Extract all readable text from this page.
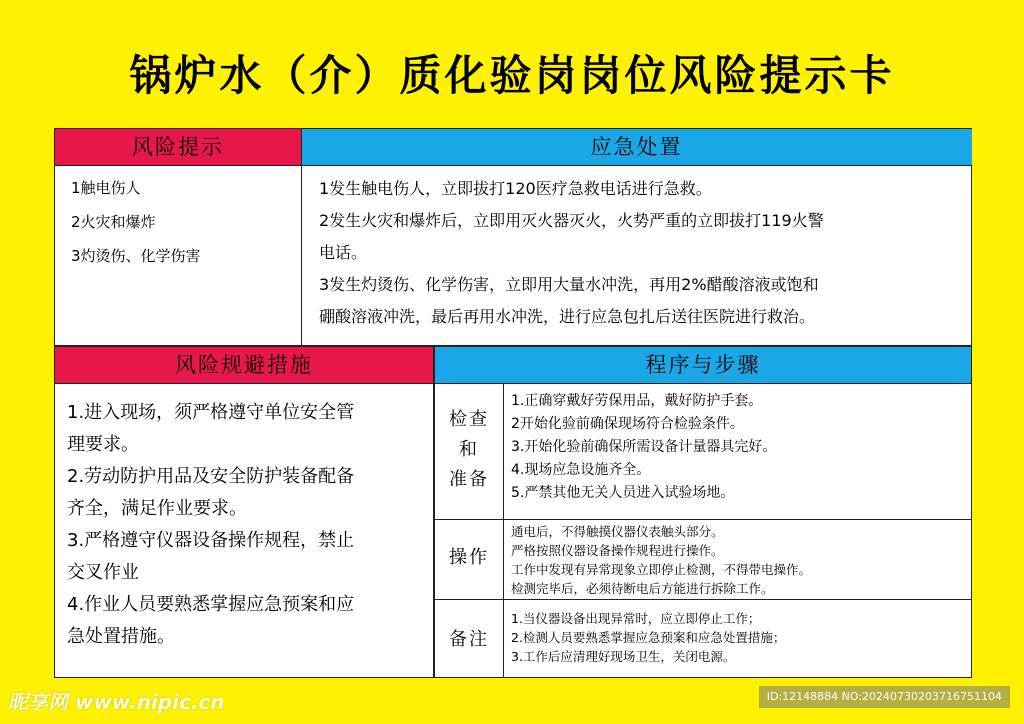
锅炉水（介）质化验岗岗位风险提示卡
风险提示	应急处置
1触电伤人
2火灾和爆炸
3灼烫伤、化学伤害
1发生触电伤人，立即拔打120医疗急救电话进行急救。
2发生火灾和爆炸后，立即用灭火器灭火，火势严重的立即拔打119火警
电话。
3发生灼烫伤、化学伤害，立即用大量水冲洗，再用2%醋酸溶液或饱和
硼酸溶液冲洗，最后再用水冲洗，进行应急包扎后送往医院进行救治。
风险规避措施
1.进入现场，须严格遵守单位安全管
理要求。
2.劳动防护用品及安全防护装备配备
齐全，满足作业要求。
3.严格遵守仪器设备操作规程，禁止
交叉作业
4.作业人员要熟悉掌握应急预案和应
急处置措施。
程序与步骤
检查
和
准备
1.正确穿戴好劳保用品，戴好防护手套。
2开始化验前确保现场符合检验条件。
3.开始化验前确保所需设备计量器具完好。
4.现场应急设施齐全。
5.严禁其他无关人员进入试验场地。
操作
通电后，不得触摸仪器仪表触头部分。
严格按照仪器设备操作规程进行操作。
工作中发现有异常现象立即停止检测，不得带电操作。
检测完毕后，必须待断电后方能进行拆除工作。
备注
1.当仪器设备出现异常时，应立即停止工作；
2.检测人员要熟悉掌握应急预案和应急处置措施；
3.工作后应清理好现场卫生，关闭电源。
昵享网 www.nipic.cn	ID:12148884 NO:20240730203716751104
